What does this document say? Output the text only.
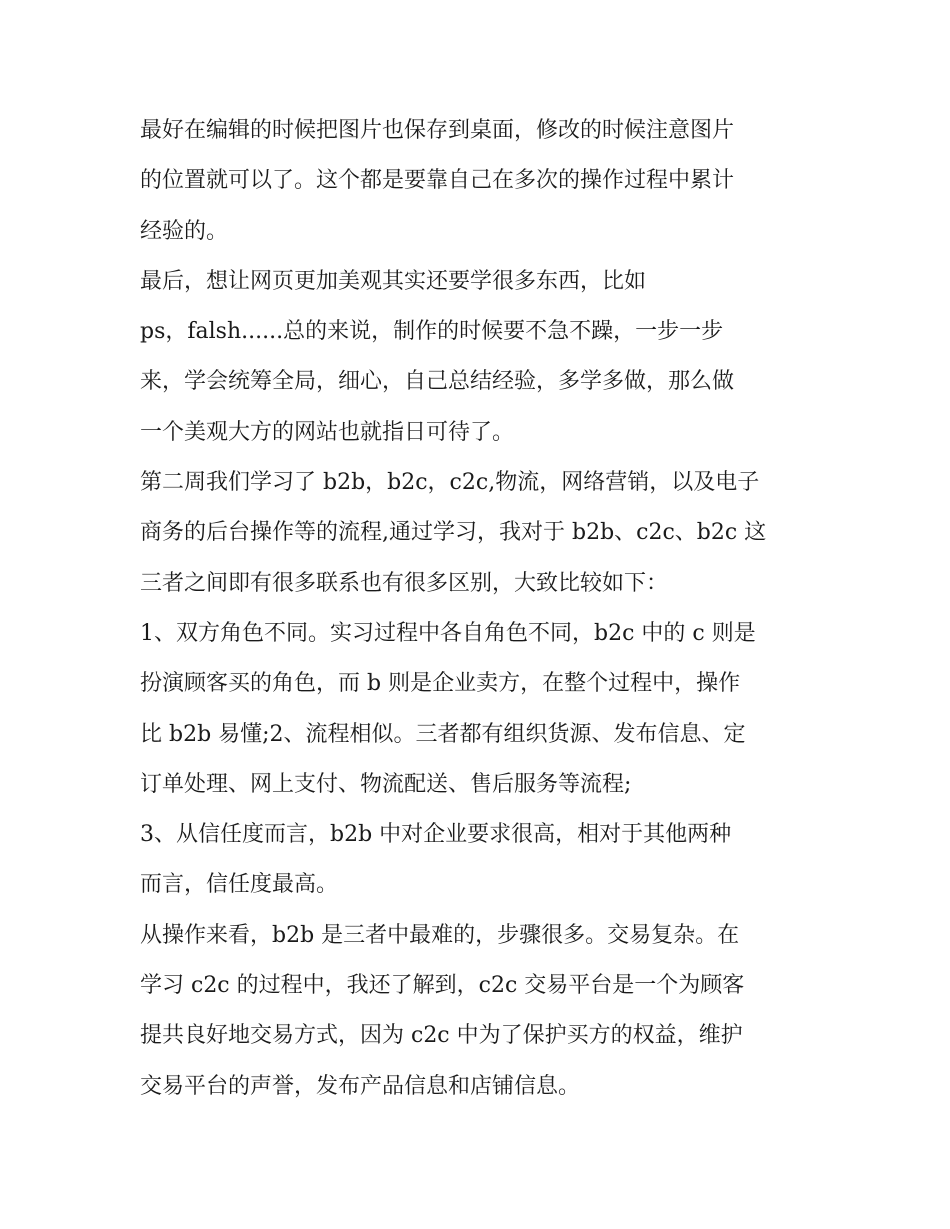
最好在编辑的时候把图片也保存到桌面，修改的时候注意图片
的位置就可以了。这个都是要靠自己在多次的操作过程中累计
经验的。
最后，想让网页更加美观其实还要学很多东西，比如
ps，falsh......总的来说，制作的时候要不急不躁，一步一步
来，学会统筹全局，细心，自己总结经验，多学多做，那么做
一个美观大方的网站也就指日可待了。
第二周我们学习了 b2b，b2c，c2c,物流，网络营销，以及电子
商务的后台操作等的流程,通过学习，我对于 b2b、c2c、b2c 这
三者之间即有很多联系也有很多区别，大致比较如下：
1、双方角色不同。实习过程中各自角色不同，b2c 中的 c 则是
扮演顾客买的角色，而 b 则是企业卖方，在整个过程中，操作
比 b2b 易懂;2、流程相似。三者都有组织货源、发布信息、定
订单处理、网上支付、物流配送、售后服务等流程;
3、从信任度而言，b2b 中对企业要求很高，相对于其他两种
而言，信任度最高。
从操作来看，b2b 是三者中最难的，步骤很多。交易复杂。在
学习 c2c 的过程中，我还了解到，c2c 交易平台是一个为顾客
提共良好地交易方式，因为 c2c 中为了保护买方的权益，维护
交易平台的声誉，发布产品信息和店铺信息。
